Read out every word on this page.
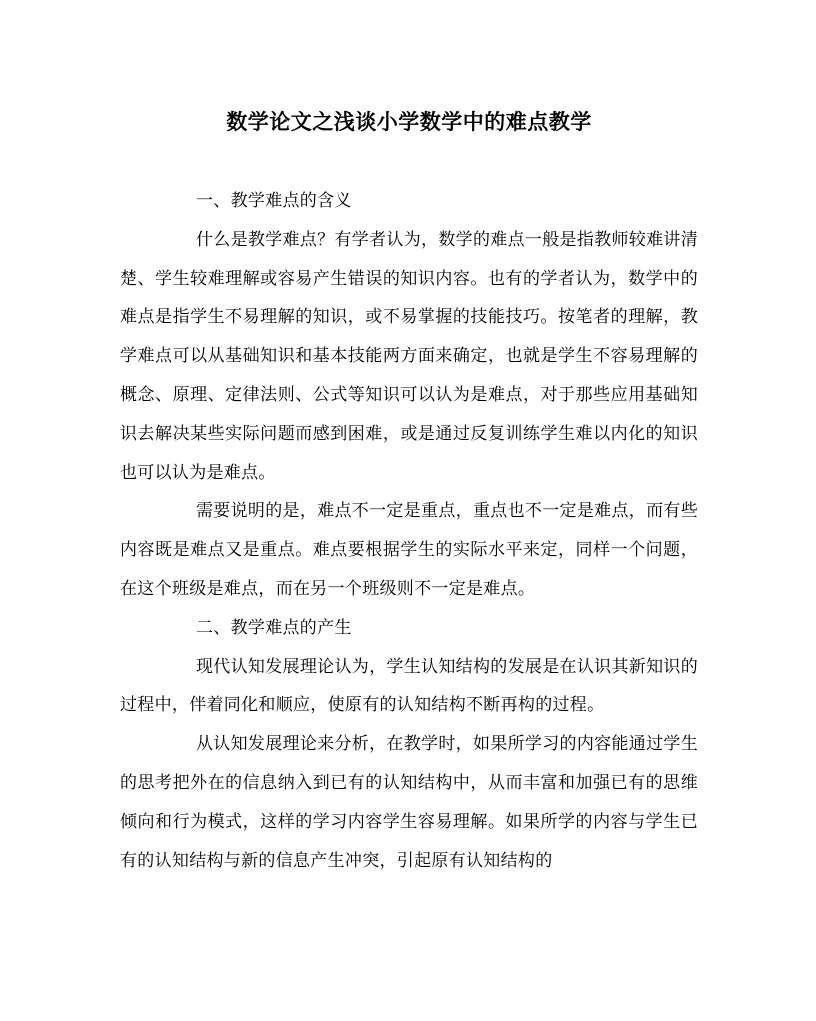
数学论文之浅谈小学数学中的难点教学

一、教学难点的含义

什么是教学难点？有学者认为，数学的难点一般是指教师较难讲清楚、学生较难理解或容易产生错误的知识内容。也有的学者认为，数学中的难点是指学生不易理解的知识，或不易掌握的技能技巧。按笔者的理解，教学难点可以从基础知识和基本技能两方面来确定，也就是学生不容易理解的概念、原理、定律法则、公式等知识可以认为是难点，对于那些应用基础知识去解决某些实际问题而感到困难，或是通过反复训练学生难以内化的知识也可以认为是难点。

需要说明的是，难点不一定是重点，重点也不一定是难点，而有些内容既是难点又是重点。难点要根据学生的实际水平来定，同样一个问题，在这个班级是难点，而在另一个班级则不一定是难点。

二、教学难点的产生

现代认知发展理论认为，学生认知结构的发展是在认识其新知识的过程中，伴着同化和顺应，使原有的认知结构不断再构的过程。

从认知发展理论来分析，在教学时，如果所学习的内容能通过学生的思考把外在的信息纳入到已有的认知结构中，从而丰富和加强已有的思维倾向和行为模式，这样的学习内容学生容易理解。如果所学的内容与学生已有的认知结构与新的信息产生冲突，引起原有认知结构的
